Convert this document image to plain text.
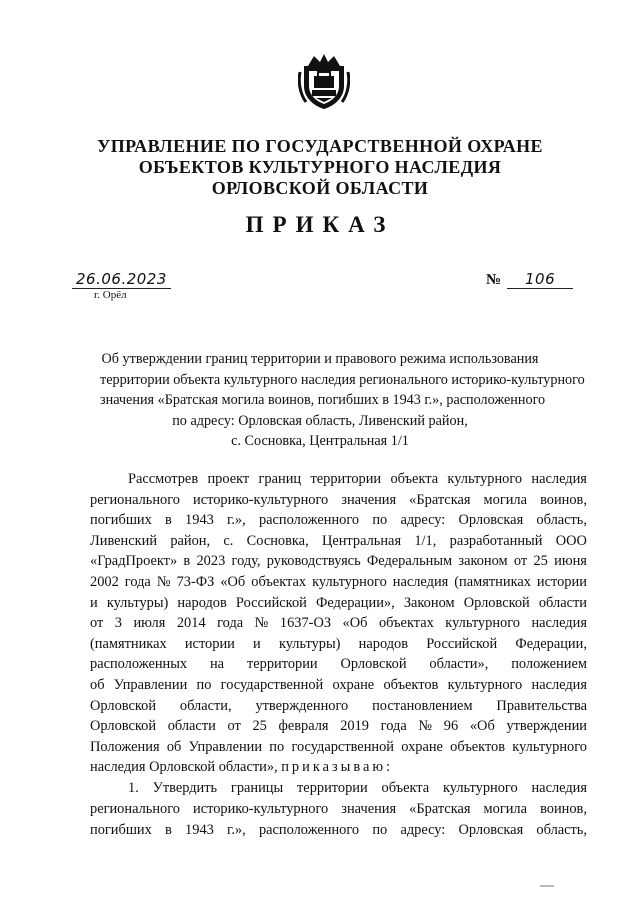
УПРАВЛЕНИЕ ПО ГОСУДАРСТВЕННОЙ ОХРАНЕ
ОБЪЕКТОВ КУЛЬТУРНОГО НАСЛЕДИЯ
ОРЛОВСКОЙ ОБЛАСТИ
ПРИКАЗ
26.06.2023
г. Орёл
№	106
Об утверждении границ территории и правового режима использования
территории объекта культурного наследия регионального историко-культурного
значения «Братская могила воинов, погибших в 1943 г.», расположенного
по адресу: Орловская область, Ливенский район,
с. Сосновка, Центральная 1/1
Рассмотрев проект границ территории объекта культурного наследия
регионального историко-культурного значения «Братская могила воинов,
погибших в 1943 г.», расположенного по адресу: Орловская область,
Ливенский район, с. Сосновка, Центральная 1/1, разработанный ООО
«ГрадПроект» в 2023 году, руководствуясь Федеральным законом от 25 июня
2002 года № 73-ФЗ «Об объектах культурного наследия (памятниках истории
и культуры) народов Российской Федерации», Законом Орловской области
от 3 июля 2014 года № 1637-ОЗ «Об объектах культурного наследия
(памятниках истории и культуры) народов Российской Федерации,
расположенных на территории Орловской области», положением
об Управлении по государственной охране объектов культурного наследия
Орловской области, утвержденного постановлением Правительства
Орловской области от 25 февраля 2019 года № 96 «Об утверждении
Положения об Управлении по государственной охране объектов культурного
наследия Орловской области»,
приказываю:
1. Утвердить границы территории объекта культурного наследия
регионального историко-культурного значения «Братская могила воинов,
погибших в 1943 г.», расположенного по адресу: Орловская область,
